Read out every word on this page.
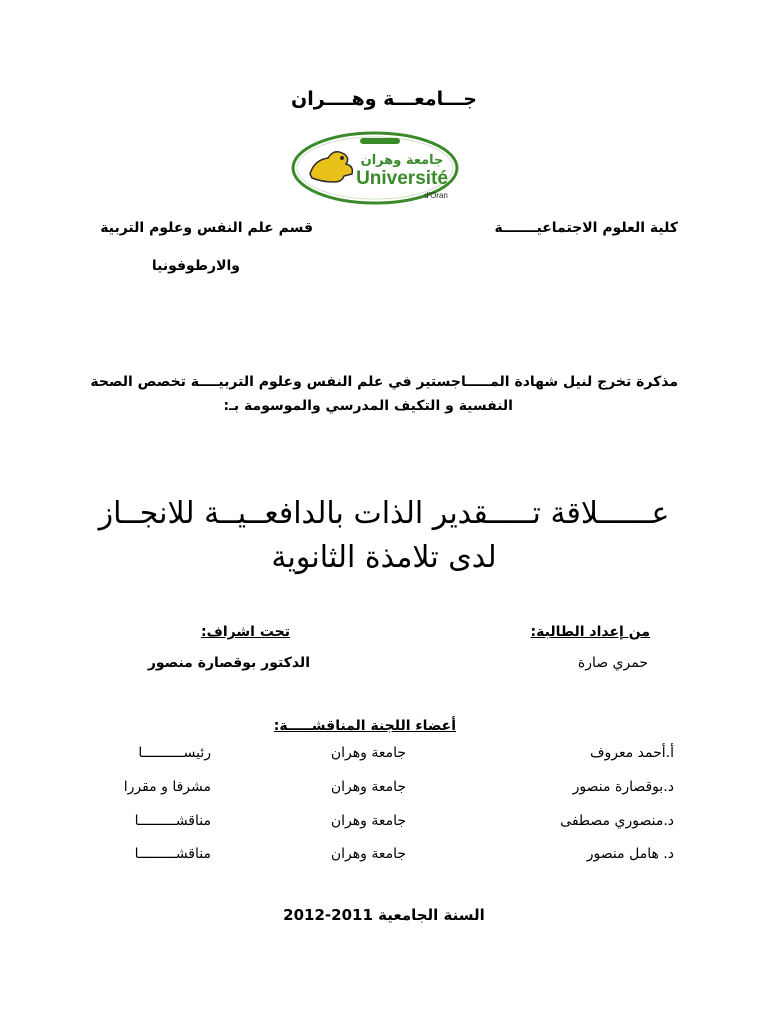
جـــامعـــة وهــــران
جامعة وهران
Université
d'Oran
كلية العلوم الاجتماعيـــــــة
قسم علم النفس وعلوم التربية
والارطوفونيا
مذكرة تخرج لنيل شهادة المـــــاجستير في علم النفس وعلوم التربيــــة تخصص الصحة
النفسية و التكيف المدرسي والموسومة بـ:
عــــــلاقة تـــــقدير الذات بالدافعــيــة للانجــاز
لدى تلامذة الثانوية
من إعداد الطالبة:
تحت اشراف:
حمري صارة
الدكتور بوقصارة منصور
أعضاء اللجنة المناقشـــــة:
أ.أحمد معروف
جامعة وهران
رئيســــــــــا
د.بوقصارة منصور
جامعة وهران
مشرفا و مقررا
د.منصوري مصطفى
جامعة وهران
مناقشـــــــــا
د. هامل منصور
جامعة وهران
مناقشـــــــــا
السنة الجامعية 2011-2012
